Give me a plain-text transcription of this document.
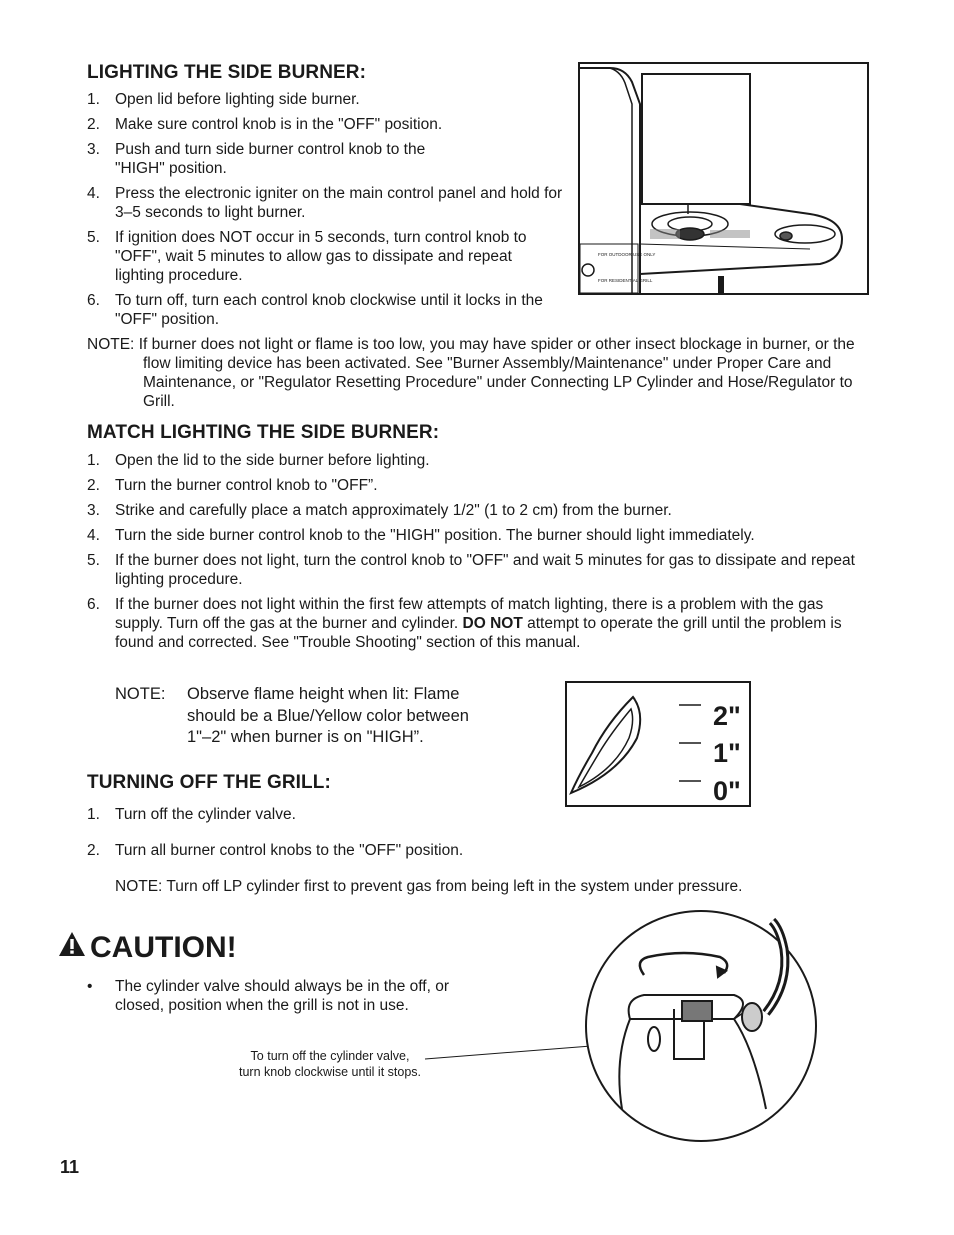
LIGHTING THE SIDE BURNER:
1. Open lid before lighting side burner.
2. Make sure control knob is in the "OFF" position.
3. Push and turn side burner control knob to the "HIGH" position.
4. Press the electronic igniter on the main control panel and hold for 3–5 seconds to light burner.
5. If ignition does NOT occur in 5 seconds, turn control knob to "OFF", wait 5 minutes to allow gas to dissipate and repeat lighting procedure.
6. To turn off, turn each control knob clockwise until it locks in the "OFF" position.
NOTE: If burner does not light or flame is too low, you may have spider or other insect blockage in burner, or the flow limiting device has been activated. See "Burner Assembly/Maintenance" under Proper Care and Maintenance, or "Regulator Resetting Procedure" under Connecting LP Cylinder and Hose/Regulator to Grill.
FOR OUTDOOR USE ONLY
FOR RESIDENTIAL GRILL
MATCH LIGHTING THE SIDE BURNER:
1. Open the lid to the side burner before lighting.
2. Turn the burner control knob to "OFF”.
3. Strike and carefully place a match approximately 1/2" (1 to 2 cm) from the burner.
4. Turn the side burner control knob to the "HIGH" position. The burner should light immediately.
5. If the burner does not light, turn the control knob to "OFF" and wait 5 minutes for gas to dissipate and repeat lighting procedure.
6. If the burner does not light within the first few attempts of match lighting, there is a problem with the gas supply. Turn off the gas at the burner and cylinder. DO NOT attempt to operate the grill until the problem is found and corrected. See "Trouble Shooting" section of this manual.
NOTE: Observe flame height when lit: Flame should be a Blue/Yellow color between 1"–2" when burner is on "HIGH”.
2"
1"
0"
TURNING OFF THE GRILL:
1. Turn off the cylinder valve.
2. Turn all burner control knobs to the "OFF" position.
NOTE: Turn off LP cylinder first to prevent gas from being left in the system under pressure.
CAUTION!
•	The cylinder valve should always be in the off, or closed, position when the grill is not in use.
To turn off the cylinder valve,
turn knob clockwise until it stops.
11
